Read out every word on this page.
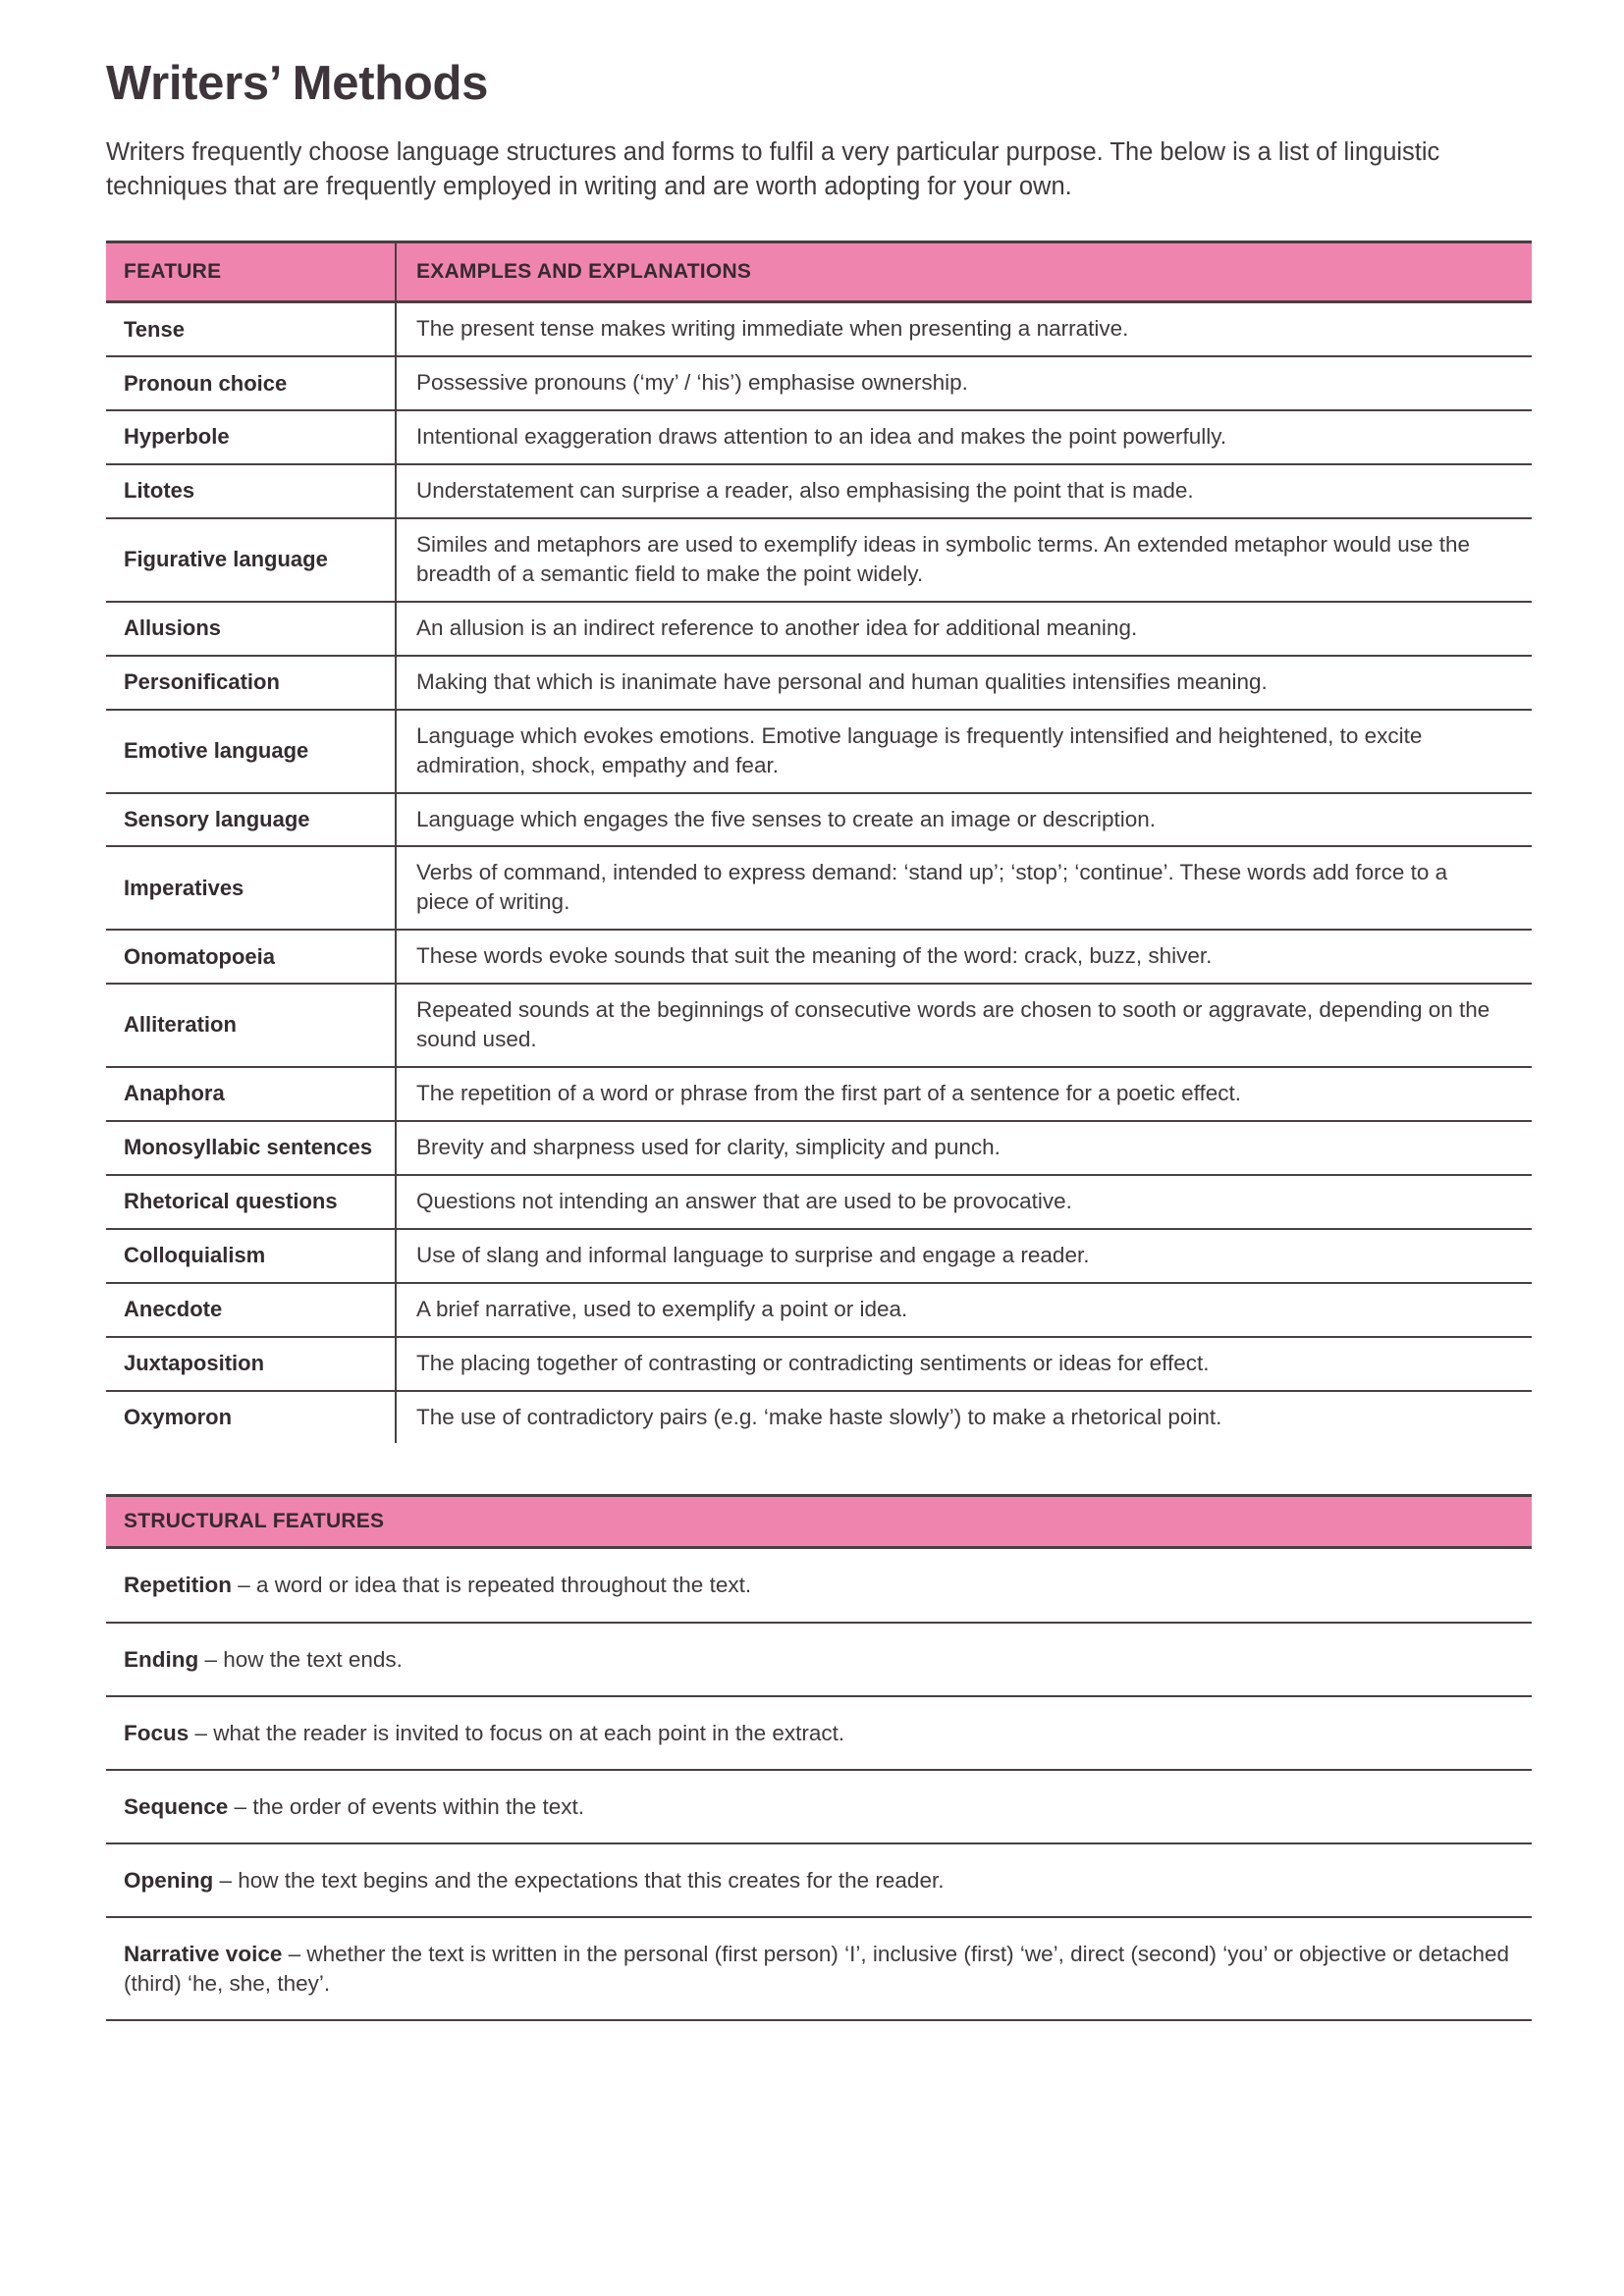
Writers’ Methods

Writers frequently choose language structures and forms to fulfil a very particular purpose. The below is a list of linguistic techniques that are frequently employed in writing and are worth adopting for your own.

FEATURE	EXAMPLES AND EXPLANATIONS
Tense	The present tense makes writing immediate when presenting a narrative.
Pronoun choice	Possessive pronouns (‘my’ / ‘his’) emphasise ownership.
Hyperbole	Intentional exaggeration draws attention to an idea and makes the point powerfully.
Litotes	Understatement can surprise a reader, also emphasising the point that is made.
Figurative language	Similes and metaphors are used to exemplify ideas in symbolic terms. An extended metaphor would use the breadth of a semantic field to make the point widely.
Allusions	An allusion is an indirect reference to another idea for additional meaning.
Personification	Making that which is inanimate have personal and human qualities intensifies meaning.
Emotive language	Language which evokes emotions. Emotive language is frequently intensified and heightened, to excite admiration, shock, empathy and fear.
Sensory language	Language which engages the five senses to create an image or description.
Imperatives	Verbs of command, intended to express demand: ‘stand up’; ‘stop’; ‘continue’. These words add force to a piece of writing.
Onomatopoeia	These words evoke sounds that suit the meaning of the word: crack, buzz, shiver.
Alliteration	Repeated sounds at the beginnings of consecutive words are chosen to sooth or aggravate, depending on the sound used.
Anaphora	The repetition of a word or phrase from the first part of a sentence for a poetic effect.
Monosyllabic sentences	Brevity and sharpness used for clarity, simplicity and punch.
Rhetorical questions	Questions not intending an answer that are used to be provocative.
Colloquialism	Use of slang and informal language to surprise and engage a reader.
Anecdote	A brief narrative, used to exemplify a point or idea.
Juxtaposition	The placing together of contrasting or contradicting sentiments or ideas for effect.
Oxymoron	The use of contradictory pairs (e.g. ‘make haste slowly’) to make a rhetorical point.
STRUCTURAL FEATURES
Repetition – a word or idea that is repeated throughout the text.
Ending – how the text ends.
Focus – what the reader is invited to focus on at each point in the extract.
Sequence – the order of events within the text.
Opening – how the text begins and the expectations that this creates for the reader.
Narrative voice – whether the text is written in the personal (first person) ‘I’, inclusive (first) ‘we’, direct (second) ‘you’ or objective or detached (third) ‘he, she, they’.
